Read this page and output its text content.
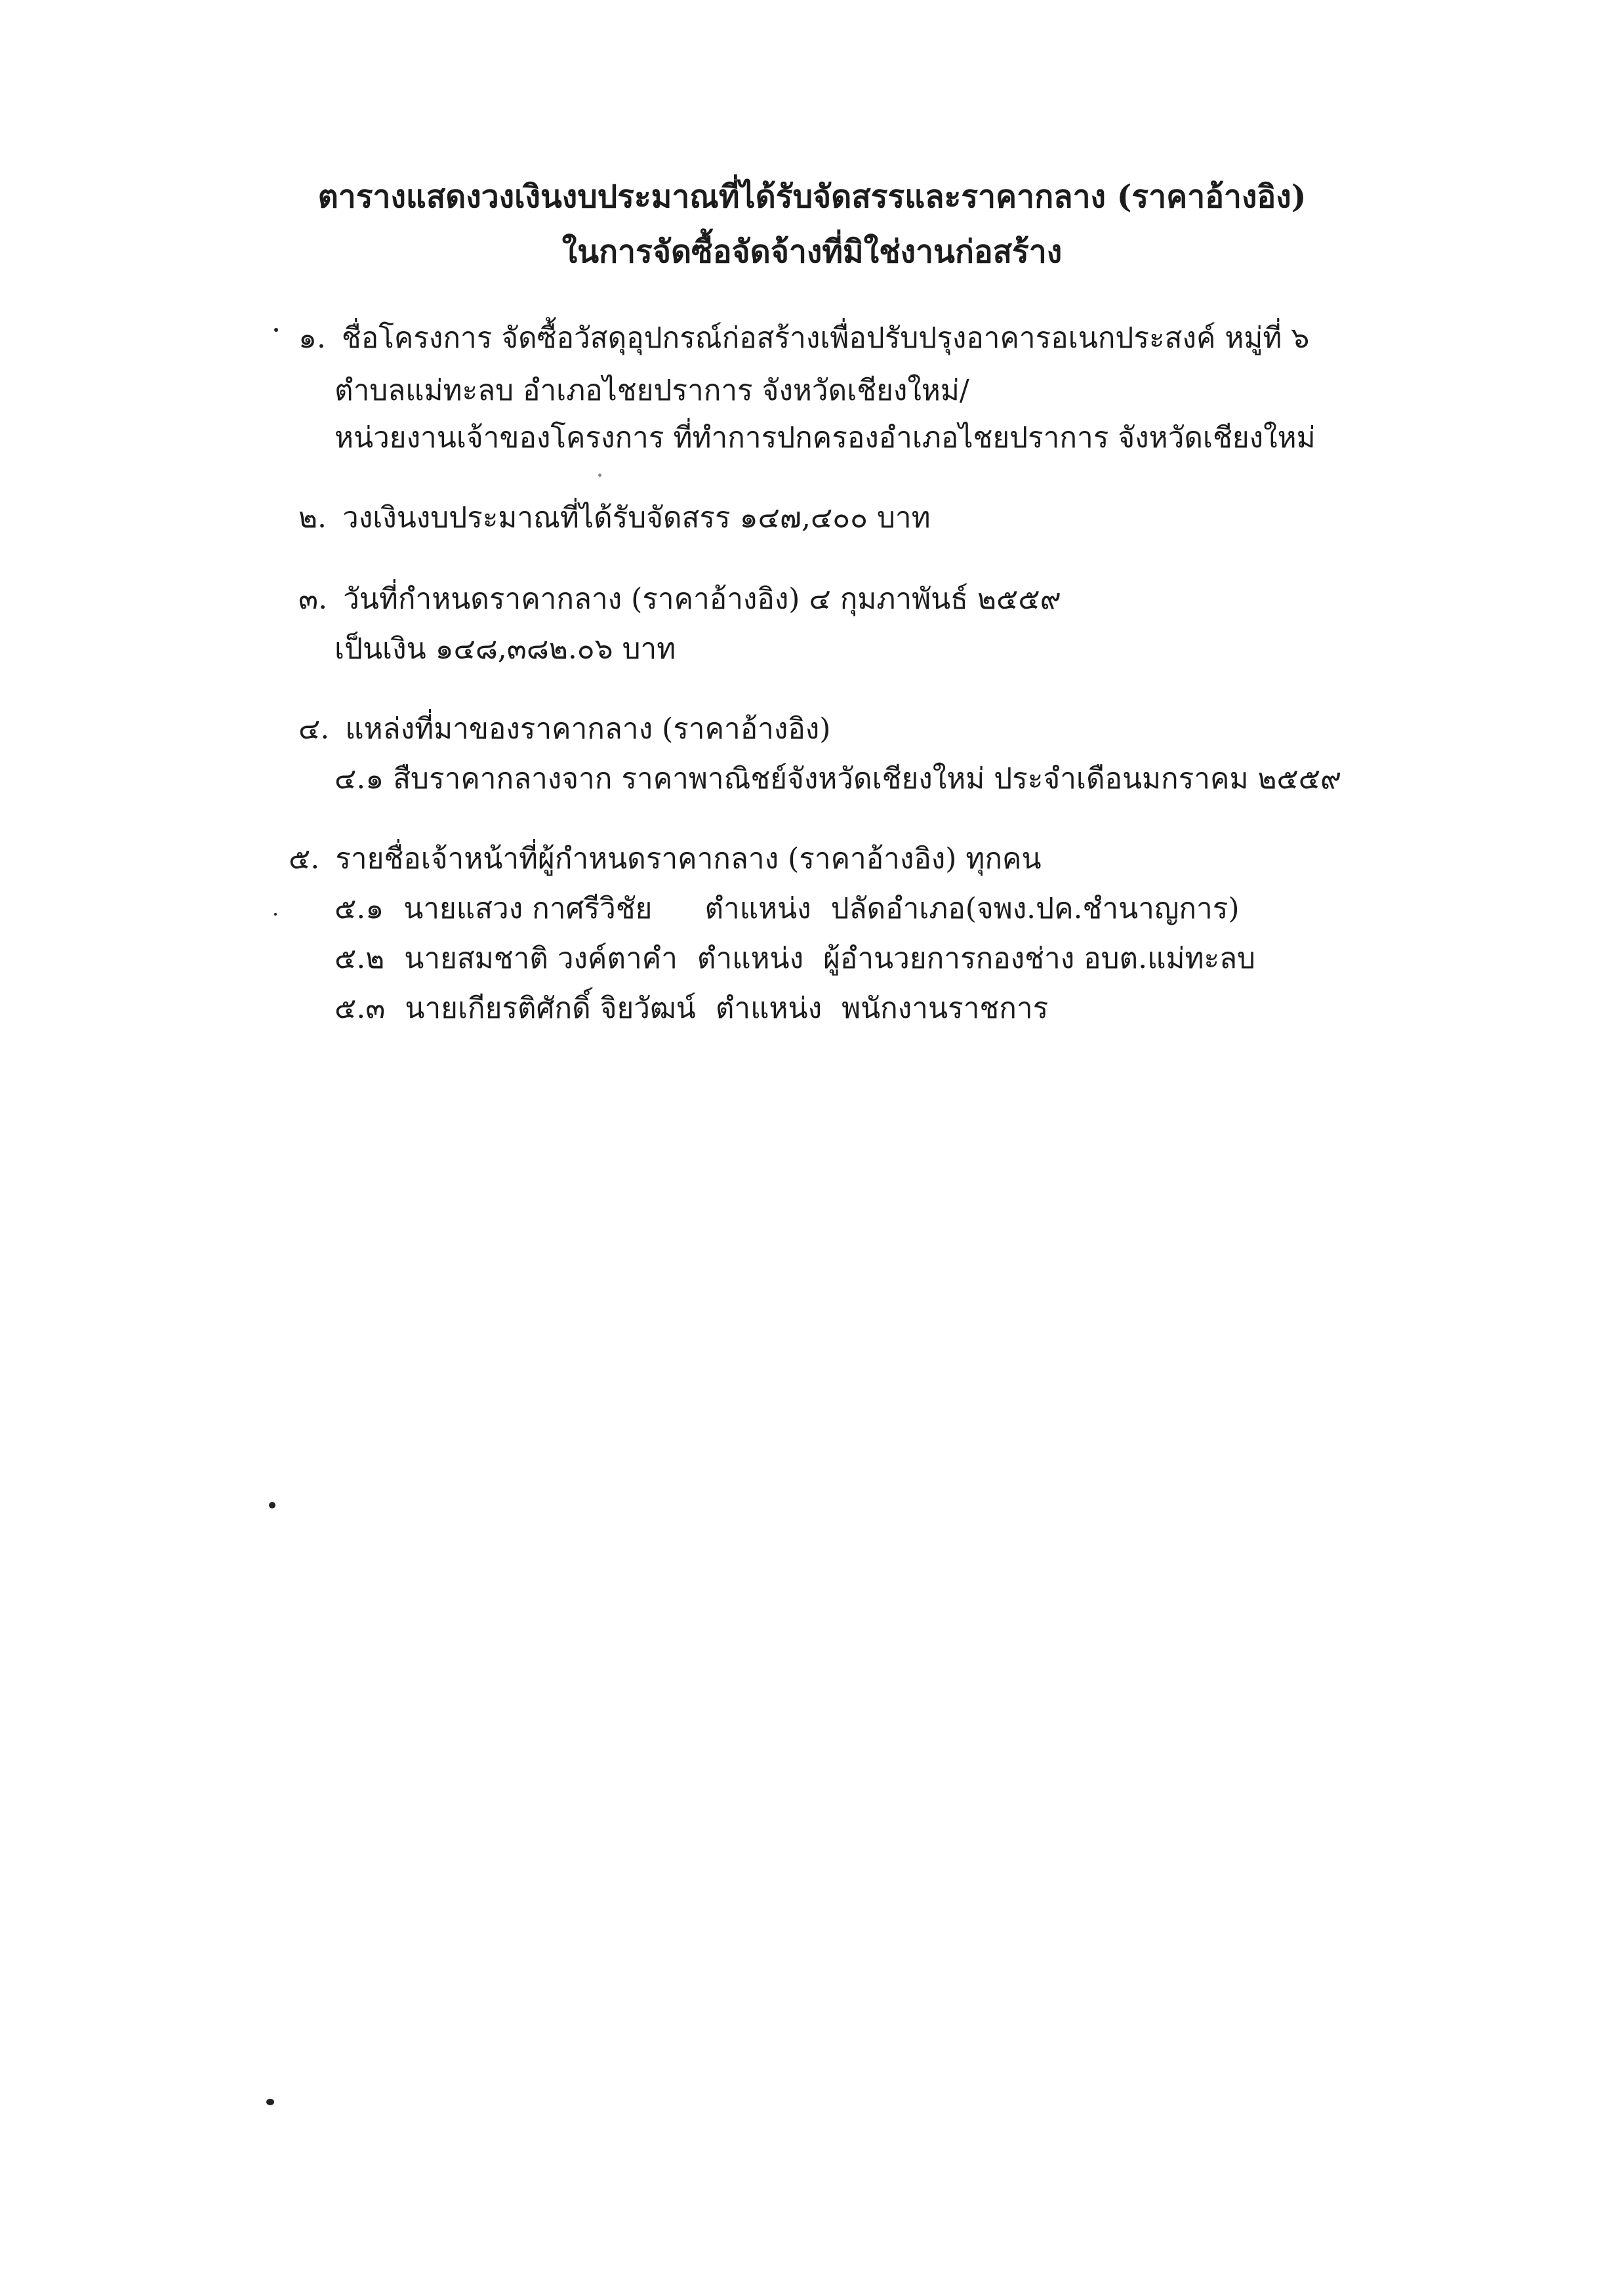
ตารางแสดงวงเงินงบประมาณที่ได้รับจัดสรรและราคากลาง (ราคาอ้างอิง)
ในการจัดซื้อจัดจ้างที่มิใช่งานก่อสร้าง
๑. ชื่อโครงการ จัดซื้อวัสดุอุปกรณ์ก่อสร้างเพื่อปรับปรุงอาคารอเนกประสงค์ หมู่ที่ ๖
ตำบลแม่ทะลบ อำเภอไชยปราการ จังหวัดเชียงใหม่/
หน่วยงานเจ้าของโครงการ ที่ทำการปกครองอำเภอไชยปราการ จังหวัดเชียงใหม่
๒. วงเงินงบประมาณที่ได้รับจัดสรร ๑๔๗,๔๐๐ บาท
๓. วันที่กำหนดราคากลาง (ราคาอ้างอิง) ๔ กุมภาพันธ์ ๒๕๕๙
เป็นเงิน ๑๔๘,๓๘๒.๐๖ บาท
๔. แหล่งที่มาของราคากลาง (ราคาอ้างอิง)
๔.๑ สืบราคากลางจาก ราคาพาณิชย์จังหวัดเชียงใหม่ ประจำเดือนมกราคม ๒๕๕๙
๕. รายชื่อเจ้าหน้าที่ผู้กำหนดราคากลาง (ราคาอ้างอิง) ทุกคน
๕.๑ นายแสวง กาศรีวิชัย ตำแหน่ง ปลัดอำเภอ(จพง.ปค.ชำนาญการ)
๕.๒ นายสมชาติ วงค์ตาคำ ตำแหน่ง ผู้อำนวยการกองช่าง อบต.แม่ทะลบ
๕.๓ นายเกียรติศักดิ์ จิยวัฒน์ ตำแหน่ง พนักงานราชการ
